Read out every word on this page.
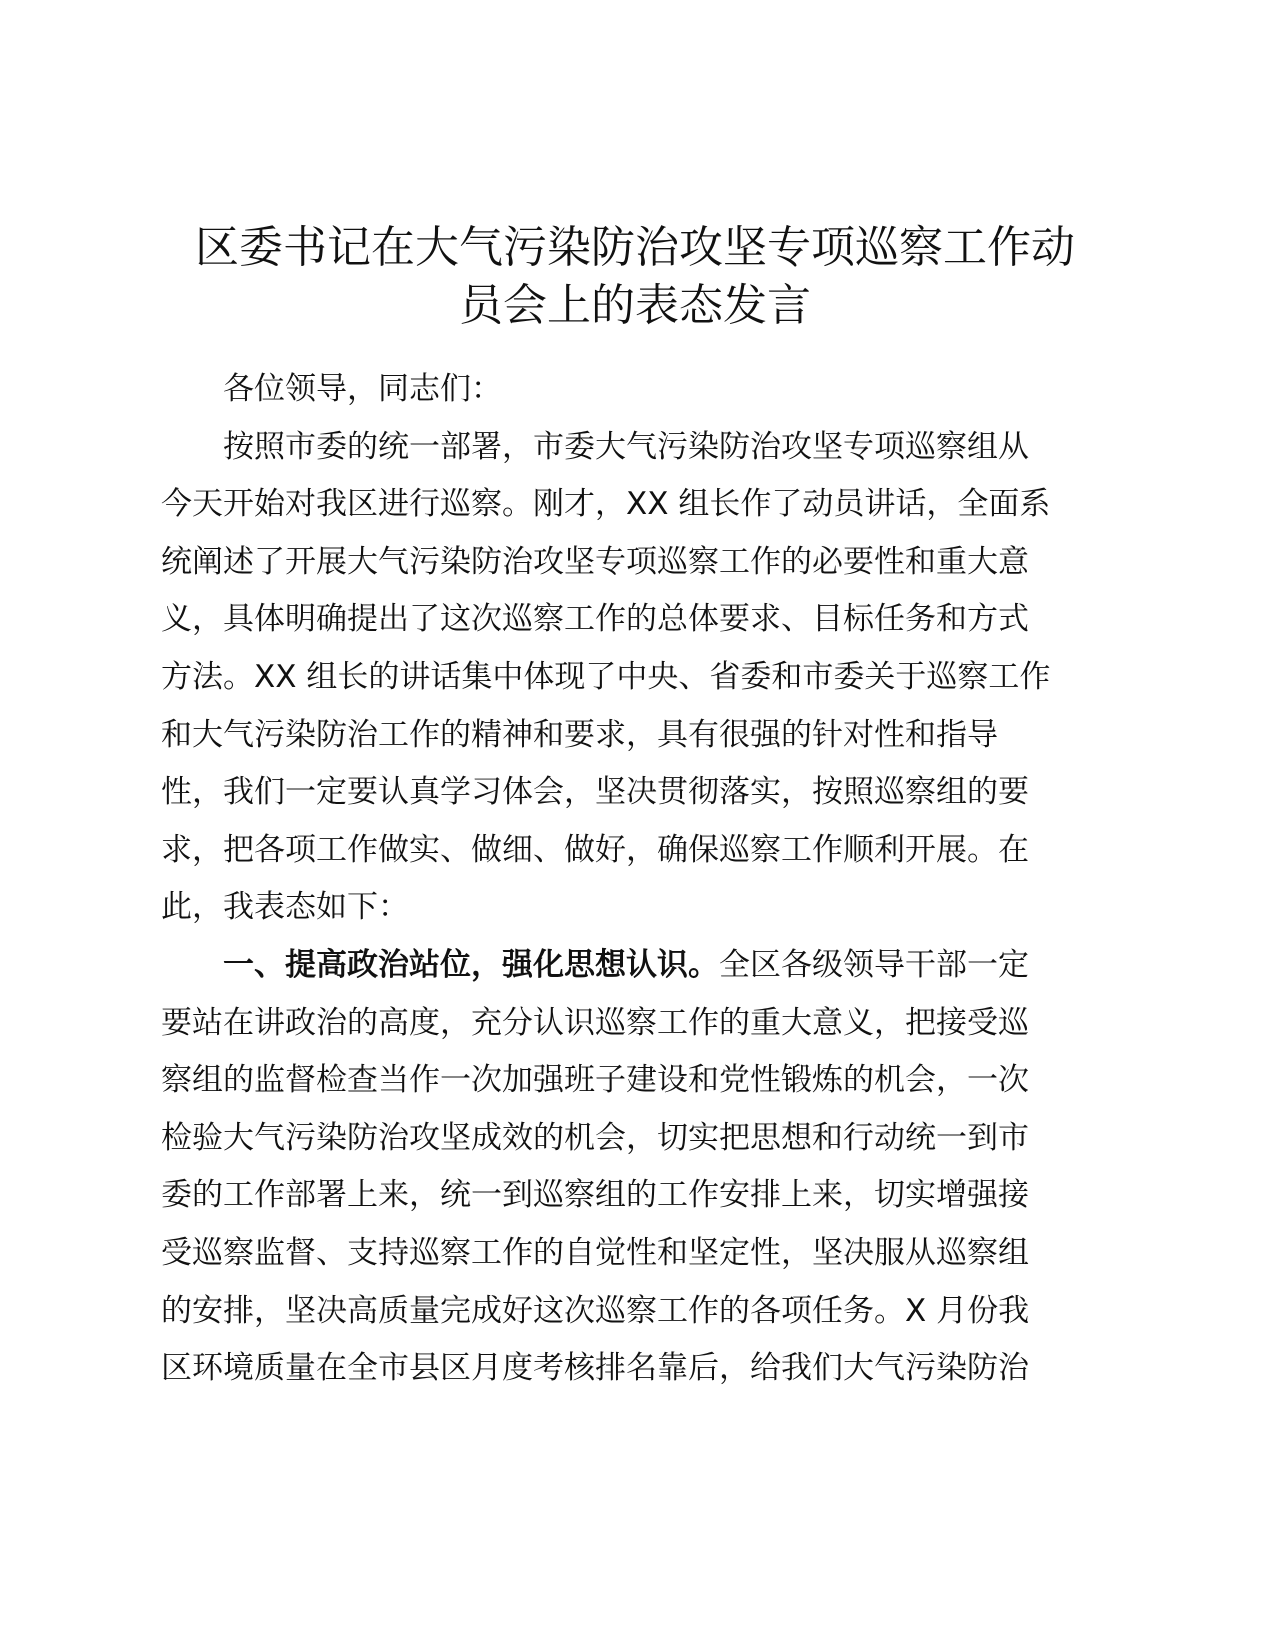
区委书记在大气污染防治攻坚专项巡察工作动
员会上的表态发言
各位领导，同志们：
按照市委的统一部署，市委大气污染防治攻坚专项巡察组从
今天开始对我区进行巡察。刚才，XX 组长作了动员讲话，全面系
统阐述了开展大气污染防治攻坚专项巡察工作的必要性和重大意
义，具体明确提出了这次巡察工作的总体要求、目标任务和方式
方法。XX 组长的讲话集中体现了中央、省委和市委关于巡察工作
和大气污染防治工作的精神和要求，具有很强的针对性和指导
性，我们一定要认真学习体会，坚决贯彻落实，按照巡察组的要
求，把各项工作做实、做细、做好，确保巡察工作顺利开展。在
此，我表态如下：
一、提高政治站位，强化思想认识。全区各级领导干部一定
要站在讲政治的高度，充分认识巡察工作的重大意义，把接受巡
察组的监督检查当作一次加强班子建设和党性锻炼的机会，一次
检验大气污染防治攻坚成效的机会，切实把思想和行动统一到市
委的工作部署上来，统一到巡察组的工作安排上来，切实增强接
受巡察监督、支持巡察工作的自觉性和坚定性，坚决服从巡察组
的安排，坚决高质量完成好这次巡察工作的各项任务。X 月份我
区环境质量在全市县区月度考核排名靠后，给我们大气污染防治
